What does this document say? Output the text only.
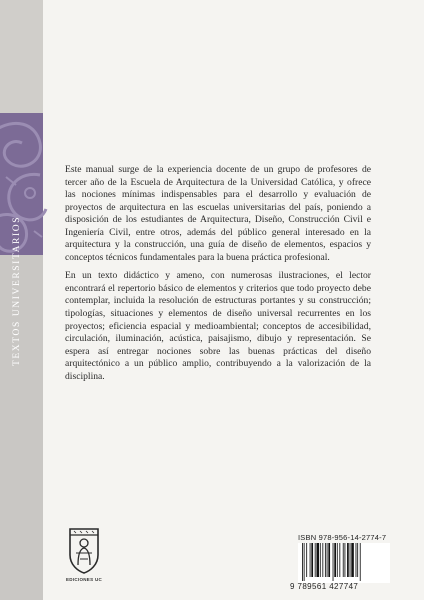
TEXTOS UNIVERSITARIOS

Este manual surge de la experiencia docente de un grupo de profesores de tercer año de la Escuela de Arquitectura de la Universidad Católica, y ofrece las nociones mínimas indispensables para el desarrollo y evaluación de proyectos de arquitectura en las escuelas universitarias del país, poniendo a disposición de los estudiantes de Arquitectura, Diseño, Construcción Civil e Ingeniería Civil, entre otros, además del público general interesado en la arquitectura y la construcción, una guía de diseño de elementos, espacios y conceptos técnicos fundamentales para la buena práctica profesional.

En un texto didáctico y ameno, con numerosas ilustraciones, el lector encontrará el repertorio básico de elementos y criterios que todo proyecto debe contemplar, incluida la resolución de estructuras portantes y su construcción; tipologías, situaciones y elementos de diseño universal recurrentes en los proyectos; eficiencia espacial y medioambiental; conceptos de accesibilidad, circulación, iluminación, acústica, paisajismo, dibujo y representación. Se espera así entregar nociones sobre las buenas prácticas del diseño arquitectónico a un público amplio, contribuyendo a la valorización de la disciplina.

EDICIONES UC
ISBN 978-956-14-2774-7
9 789561 427747
